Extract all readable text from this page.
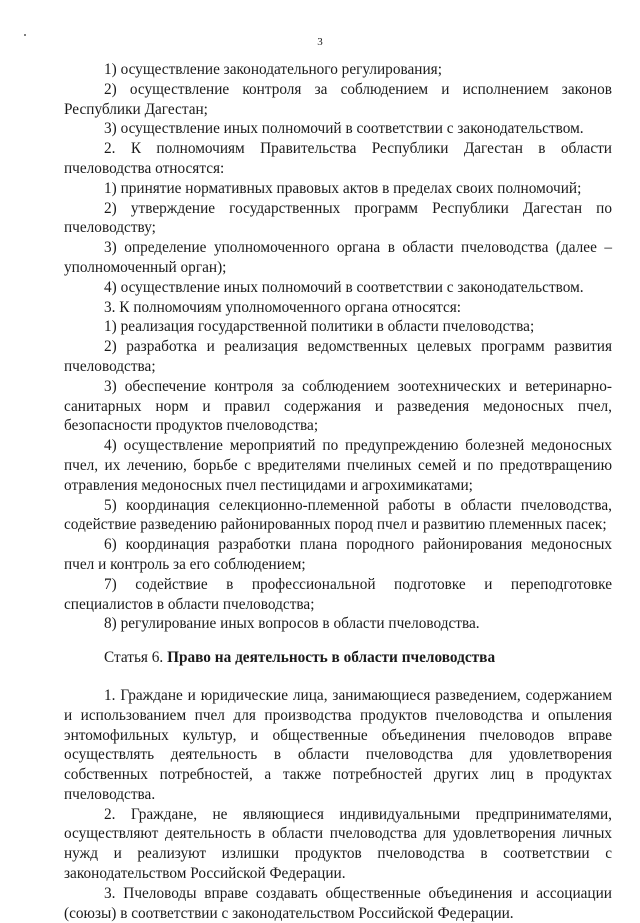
3

1) осуществление законодательного регулирования;

2) осуществление контроля за соблюдением и исполнением законов Республики Дагестан;

3) осуществление иных полномочий в соответствии с законодательством.

2. К полномочиям Правительства Республики Дагестан в области пчеловодства относятся:

1) принятие нормативных правовых актов в пределах своих полномочий;

2) утверждение государственных программ Республики Дагестан по пчеловодству;

3) определение уполномоченного органа в области пчеловодства (далее – уполномоченный орган);

4) осуществление иных полномочий в соответствии с законодательством.

3. К полномочиям уполномоченного органа относятся:

1) реализация государственной политики в области пчеловодства;

2) разработка и реализация ведомственных целевых программ развития пчеловодства;

3) обеспечение контроля за соблюдением зоотехнических и ветеринарно-санитарных норм и правил содержания и разведения медоносных пчел, безопасности продуктов пчеловодства;

4) осуществление мероприятий по предупреждению болезней медоносных пчел, их лечению, борьбе с вредителями пчелиных семей и по предотвращению отравления медоносных пчел пестицидами и агрохимикатами;

5) координация селекционно-племенной работы в области пчеловодства, содействие разведению районированных пород пчел и развитию племенных пасек;

6) координация разработки плана породного районирования медоносных пчел и контроль за его соблюдением;

7) содействие в профессиональной подготовке и переподготовке специалистов в области пчеловодства;

8) регулирование иных вопросов в области пчеловодства.

Статья 6. Право на деятельность в области пчеловодства

1. Граждане и юридические лица, занимающиеся разведением, содержанием и использованием пчел для производства продуктов пчеловодства и опыления энтомофильных культур, и общественные объединения пчеловодов вправе осуществлять деятельность в области пчеловодства для удовлетворения собственных потребностей, а также потребностей других лиц в продуктах пчеловодства.

2. Граждане, не являющиеся индивидуальными предпринимателями, осуществляют деятельность в области пчеловодства для удовлетворения личных нужд и реализуют излишки продуктов пчеловодства в соответствии с законодательством Российской Федерации.

3. Пчеловоды вправе создавать общественные объединения и ассоциации (союзы) в соответствии с законодательством Российской Федерации.
